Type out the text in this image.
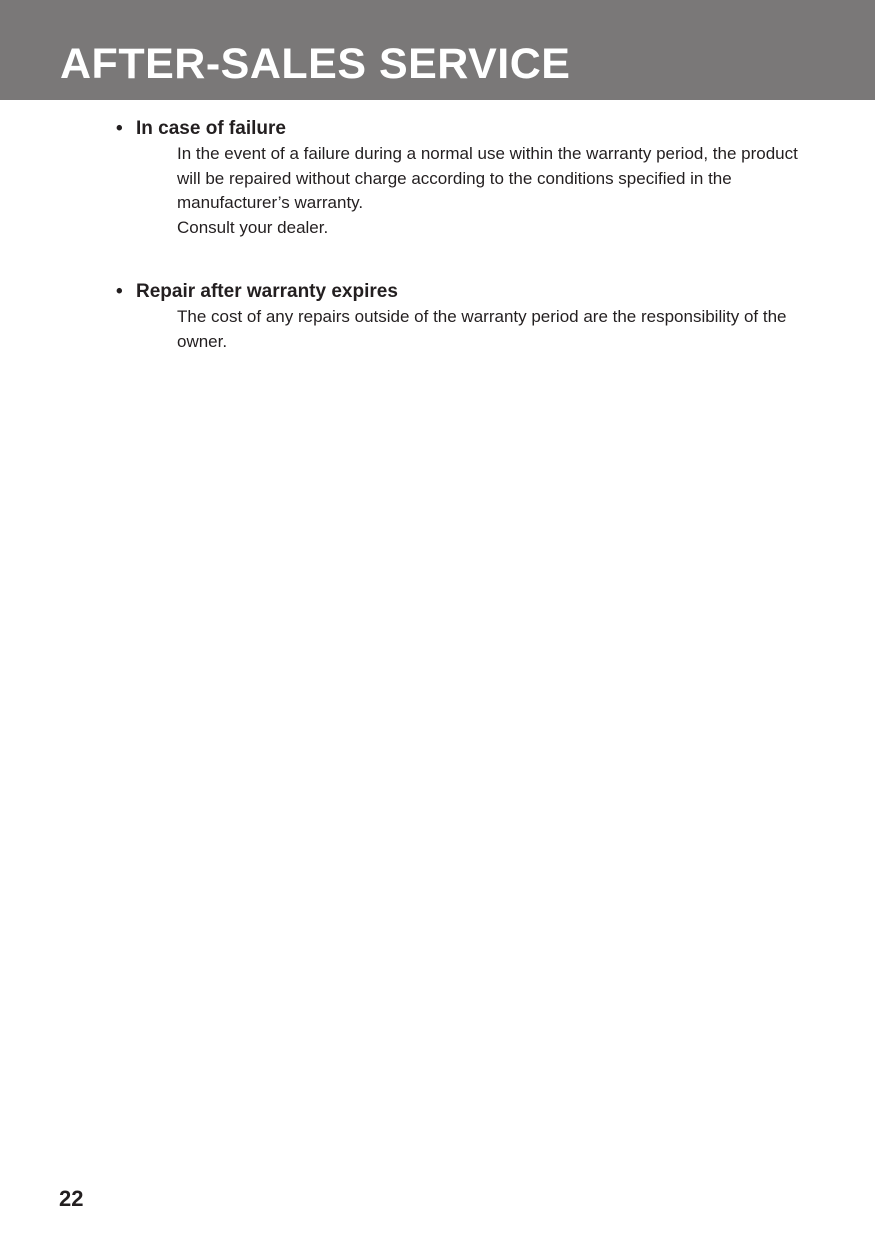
AFTER-SALES SERVICE
• In case of failure

In the event of a failure during a normal use within the warranty period, the product will be repaired without charge according to the conditions specified in the manufacturer’s warranty.

Consult your dealer.

• Repair after warranty expires

The cost of any repairs outside of the warranty period are the responsibility of the owner.

22
